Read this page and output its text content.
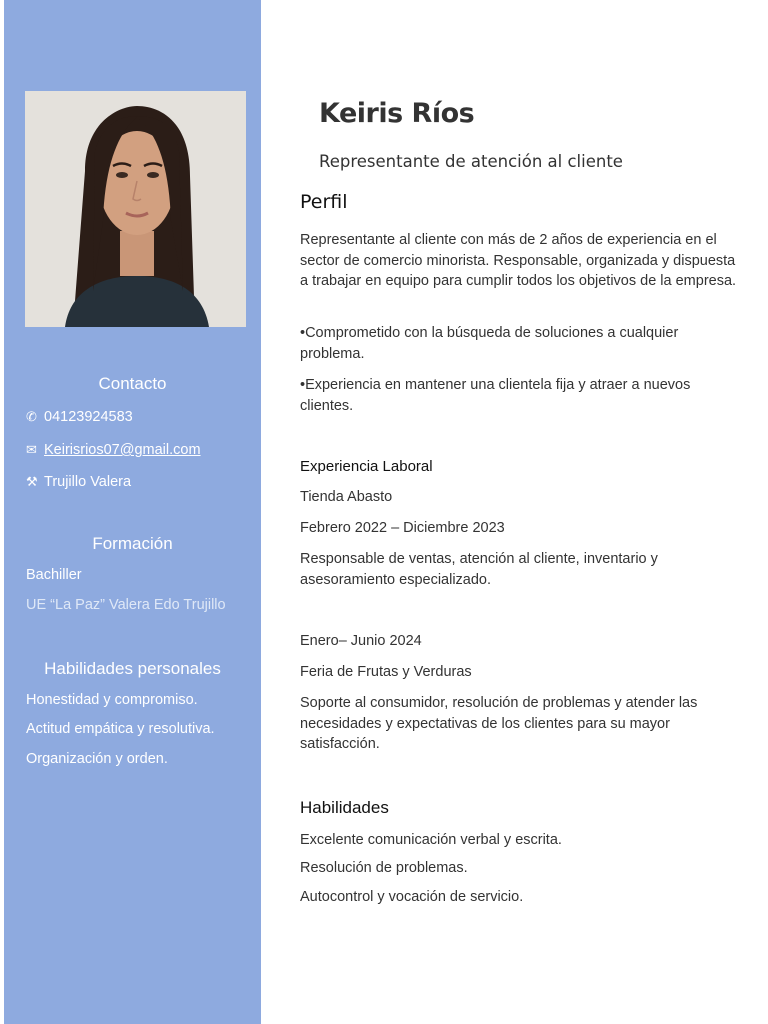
Contacto
✆ 04123924583
✉ Keirisrios07@gmail.com
⚒ Trujillo Valera
Formación
Bachiller
UE “La Paz” Valera Edo Trujillo
Habilidades personales
Honestidad y compromiso.
Actitud empática y resolutiva.
Organización y orden.
Keiris Ríos
Representante de atención al cliente
Perfil

Representante al cliente con más de 2 años de experiencia en el sector de comercio minorista. Responsable, organizada y dispuesta a trabajar en equipo para cumplir todos los objetivos de la empresa.

•Comprometido con la búsqueda de soluciones a cualquier problema.

•Experiencia en mantener una clientela fija y atraer a nuevos clientes.

Experiencia Laboral

Tienda Abasto

Febrero 2022 – Diciembre 2023

Responsable de ventas, atención al cliente, inventario y asesoramiento especializado.

Enero– Junio 2024

Feria de Frutas y Verduras

Soporte al consumidor, resolución de problemas y atender las necesidades y expectativas de los clientes para su mayor satisfacción.

Habilidades

Excelente comunicación verbal y escrita.

Resolución de problemas.

Autocontrol y vocación de servicio.
